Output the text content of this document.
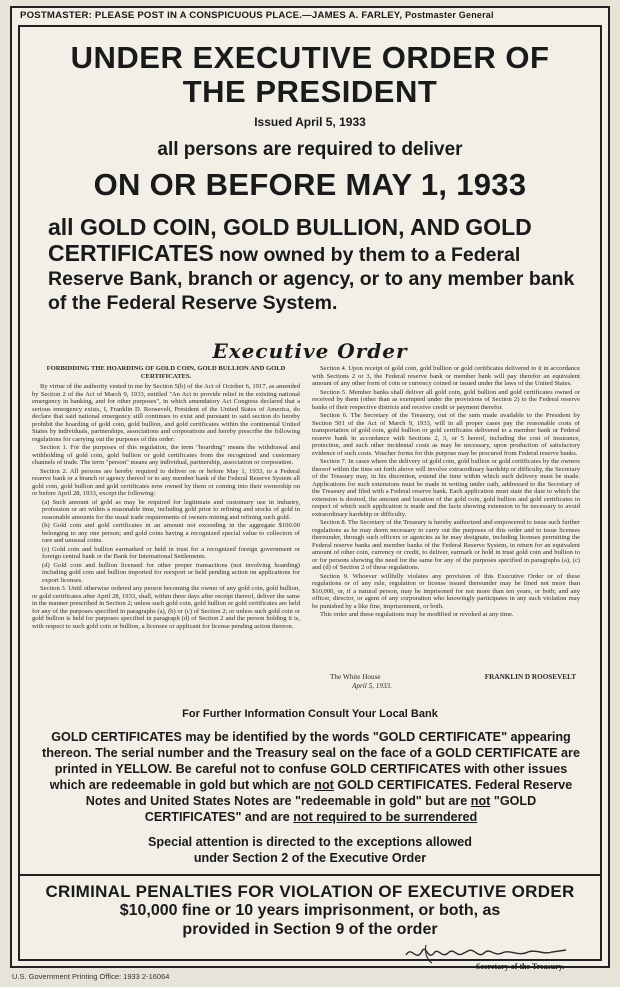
POSTMASTER: PLEASE POST IN A CONSPICUOUS PLACE.—JAMES A. FARLEY, Postmaster General
UNDER EXECUTIVE ORDER OF
THE PRESIDENT
Issued April 5, 1933
all persons are required to deliver
ON OR BEFORE MAY 1, 1933
all GOLD COIN, GOLD BULLION, AND GOLD CERTIFICATES now owned by them to a Federal Reserve Bank, branch or agency, or to any member bank of the Federal Reserve System.
Executive Order

FORBIDDING THE HOARDING OF GOLD COIN, GOLD BULLION AND GOLD CERTIFICATES.

By virtue of the authority vested in me by Section 5(b) of the Act of October 6, 1917, as amended by Section 2 of the Act of March 9, 1933, entitled "An Act to provide relief in the existing national emergency in banking, and for other purposes", in which amendatory Act Congress declared that a serious emergency exists, I, Franklin D. Roosevelt, President of the United States of America, do declare that said national emergency still continues to exist and pursuant to said section do hereby prohibit the hoarding of gold coin, gold bullion, and gold certificates within the continental United States by individuals, partnerships, associations and corporations and hereby prescribe the following regulations for carrying out the purposes of this order:

Section 1. For the purposes of this regulation, the term "hoarding" means the withdrawal and withholding of gold coin, gold bullion or gold certificates from the recognized and customary channels of trade. The term "person" means any individual, partnership, association or corporation.

Section 2. All persons are hereby required to deliver on or before May 1, 1933, to a Federal reserve bank or a branch or agency thereof or to any member bank of the Federal Reserve System all gold coin, gold bullion and gold certificates now owned by them or coming into their ownership on or before April 28, 1933, except the following:

(a) Such amount of gold as may be required for legitimate and customary use in industry, profession or art within a reasonable time, including gold prior to refining and stocks of gold in reasonable amounts for the usual trade requirements of owners mining and refining such gold.

(b) Gold coin and gold certificates in an amount not exceeding in the aggregate $100.00 belonging to any one person; and gold coins having a recognized special value to collectors of rare and unusual coins.

(c) Gold coin and bullion earmarked or held in trust for a recognized foreign government or foreign central bank or the Bank for International Settlements.

(d) Gold coin and bullion licensed for other proper transactions (not involving hoarding) including gold coin and bullion imported for reexport or held pending action on applications for export licenses.

Section 3. Until otherwise ordered any person becoming the owner of any gold coin, gold bullion, or gold certificates after April 28, 1933, shall, within three days after receipt thereof, deliver the same in the manner prescribed in Section 2; unless such gold coin, gold bullion or gold certificates are held for any of the purposes specified in paragraphs (a), (b) or (c) of Section 2; or unless such gold coin or gold bullion is held for purposes specified in paragraph (d) of Section 2 and the person holding it is, with respect to such gold coin or bullion, a licensee or applicant for license pending action thereon.

Section 4. Upon receipt of gold coin, gold bullion or gold certificates delivered to it in accordance with Sections 2 or 3, the Federal reserve bank or member bank will pay therefor an equivalent amount of any other form of coin or currency coined or issued under the laws of the United States.

Section 5. Member banks shall deliver all gold coin, gold bullion and gold certificates owned or received by them (other than as exempted under the provisions of Section 2) to the Federal reserve banks of their respective districts and receive credit or payment therefor.

Section 6. The Secretary of the Treasury, out of the sum made available to the President by Section 501 of the Act of March 9, 1933, will in all proper cases pay the reasonable costs of transportation of gold coin, gold bullion or gold certificates delivered to a member bank or Federal reserve bank in accordance with Sections 2, 3, or 5 hereof, including the cost of insurance, protection, and such other incidental costs as may be necessary, upon production of satisfactory evidence of such costs. Voucher forms for this purpose may be procured from Federal reserve banks.

Section 7. In cases where the delivery of gold coin, gold bullion or gold certificates by the owners thereof within the time set forth above will involve extraordinary hardship or difficulty, the Secretary of the Treasury may, in his discretion, extend the time within which such delivery must be made. Applications for such extensions must be made in writing under oath, addressed to the Secretary of the Treasury and filed with a Federal reserve bank. Each application must state the date to which the extension is desired, the amount and location of the gold coin, gold bullion and gold certificates in respect of which such application is made and the facts showing extension to be necessary to avoid extraordinary hardship or difficulty.

Section 8. The Secretary of the Treasury is hereby authorized and empowered to issue such further regulations as he may deem necessary to carry out the purposes of this order and to issue licenses thereunder, through such officers or agencies as he may designate, including licenses permitting the Federal reserve banks and member banks of the Federal Reserve System, in return for an equivalent amount of other coin, currency or credit, to deliver, earmark or hold in trust gold coin and bullion to or for persons showing the need for the same for any of the purposes specified in paragraphs (a), (c) and (d) of Section 2 of these regulations.

Section 9. Whoever willfully violates any provision of this Executive Order or of these regulations or of any rule, regulation or license issued thereunder may be fined not more than $10,000, or, if a natural person, may be imprisoned for not more than ten years, or both; and any officer, director, or agent of any corporation who knowingly participates in any such violation may be punished by a like fine, imprisonment, or both.

This order and these regulations may be modified or revoked at any time.

The White House
April 5, 1933.
FRANKLIN D ROOSEVELT
For Further Information Consult Your Local Bank
GOLD CERTIFICATES may be identified by the words "GOLD CERTIFICATE" appearing thereon. The serial number and the Treasury seal on the face of a GOLD CERTIFICATE are printed in YELLOW. Be careful not to confuse GOLD CERTIFICATES with other issues which are redeemable in gold but which are not GOLD CERTIFICATES. Federal Reserve Notes and United States Notes are "redeemable in gold" but are not "GOLD CERTIFICATES" and are not required to be surrendered
Special attention is directed to the exceptions allowed under Section 2 of the Executive Order
CRIMINAL PENALTIES FOR VIOLATION OF EXECUTIVE ORDER
$10,000 fine or 10 years imprisonment, or both, as provided in Section 9 of the order
Secretary of the Treasury.
U.S. Government Printing Office: 1933 2-16064
